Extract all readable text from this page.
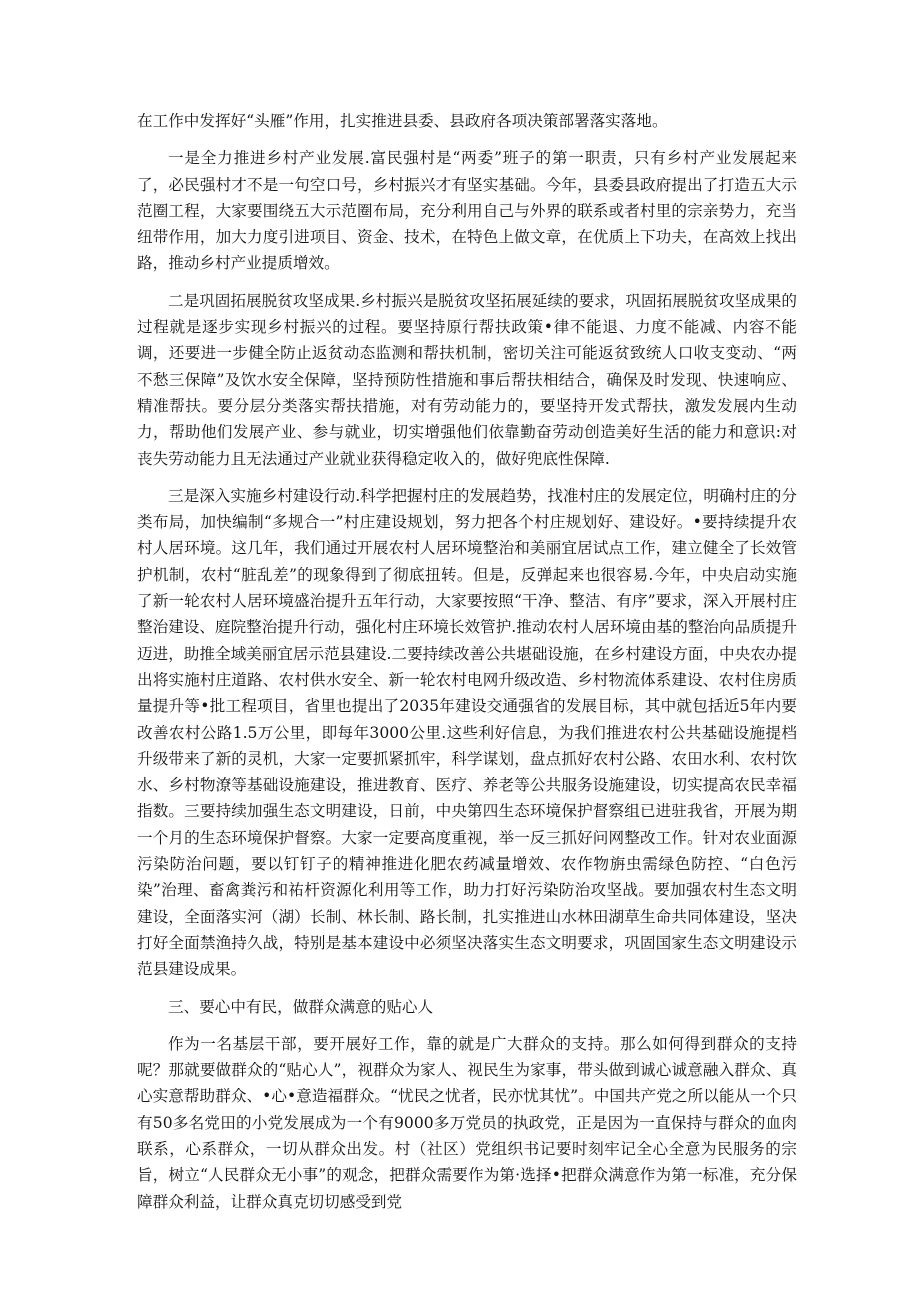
在工作中发挥好“头雁”作用，扎实推进县委、县政府各项决策部署落实落地。

一是全力推进乡村产业发展.富民强村是“两委”班子的第一职责，只有乡村产业发展起来了，必民强村才不是一句空口号，乡村振兴才有坚实基础。今年，县委县政府提出了打造五大示范圈工程，大家要围绕五大示范圈布局，充分利用自己与外界的联系或者村里的宗亲势力，充当纽带作用，加大力度引进项目、资金、技术，在特色上做文章，在优质上下功夫，在高效上找出路，推动乡村产业提质增效。

二是巩固拓展脱贫攻坚成果.乡村振兴是脱贫攻坚拓展延续的要求，巩固拓展脱贫攻坚成果的过程就是逐步实现乡村振兴的过程。要坚持原行帮扶政策•律不能退、力度不能减、内容不能调，还要进一步健全防止返贫动态监测和帮扶机制，密切关注可能返贫致统人口收支变动、“两不愁三保障”及饮水安全保障，坚持预防性措施和事后帮扶相结合，确保及时发现、快速响应、精准帮扶。要分层分类落实帮扶措施，对有劳动能力的，要坚持开发式帮扶，激发发展内生动力，帮助他们发展产业、参与就业，切实增强他们依靠勤奋劳动创造美好生活的能力和意识:对丧失劳动能力且无法通过产业就业获得稳定收入的，做好兜底性保障.

三是深入实施乡村建设行动.科学把握村庄的发展趋势，找准村庄的发展定位，明确村庄的分类布局，加快编制“多规合一”村庄建设规划，努力把各个村庄规划好、建设好。•要持续提升农村人居环境。这几年，我们通过开展农村人居环境整治和美丽宜居试点工作，建立健全了长效管护机制，农村“脏乱差”的现象得到了彻底扭转。但是，反弹起来也很容易.今年，中央启动实施了新一轮农村人居环境盛治提升五年行动，大家要按照“干净、整洁、有序”要求，深入开展村庄整治建设、庭院整治提升行动，强化村庄环境长效管护.推动农村人居环境由基的整治向品质提升迈进，助推全域美丽宜居示范县建设.二要持续改善公共堪础设施，在乡村建设方面，中央农办提出将实施村庄道路、农村供水安全、新一轮农村电网升级改造、乡村物流体系建设、农村住房质量提升等•批工程项目，省里也提出了2035年建设交通强省的发展目标，其中就包括近5年内要改善农村公路1.5万公里，即每年3000公里.这些利好信息，为我们推进农村公共基础设施提档升级带来了新的灵机，大家一定要抓紧抓牢，科学谋划，盘点抓好农村公路、农田水利、农村饮水、乡村物潦等基础设施建设，推进教育、医疗、养老等公共服务设施建设，切实提高农民幸福指数。三要持续加强生态文明建设，日前，中央第四生态环境保护督察组已进驻我省，开展为期一个月的生态环境保护督察。大家一定要高度重视，举一反三抓好问网整改工作。针对农业面源污染防治问题，要以钉钉子的精神推进化肥农药减量增效、农作物旃虫需绿色防控、“白色污染”治理、畜禽粪污和祐杆资源化利用等工作，助力打好污染防治攻坚战。要加强农村生态文明建设，全面落实河（湖）长制、林长制、路长制，扎实推进山水林田湖草生命共同体建设，坚决打好全面禁渔持久战，特别是基本建设中必须坚决落实生态文明要求，巩固国家生态文明建设示范县建设成果。

三、要心中有民，做群众满意的贴心人

作为一名基层干部，要开展好工作，靠的就是广大群众的支持。那么如何得到群众的支持呢？那就要做群众的“贴心人”，视群众为家人、视民生为家事，带头做到诚心诚意融入群众、真心实意帮助群众、•心•意造福群众。“忧民之忧者，民亦忧其忧”。中国共产党之所以能从一个只有50多名党田的小党发展成为一个有9000多万党员的执政党，正是因为一直保持与群众的血肉联系，心系群众，一切从群众出发。村（社区）党组织书记要时刻牢记全心全意为民服务的宗旨，树立“人民群众无小事”的观念，把群众需要作为第·选择•把群众满意作为第一标准，充分保障群众利益，让群众真克切切感受到党
